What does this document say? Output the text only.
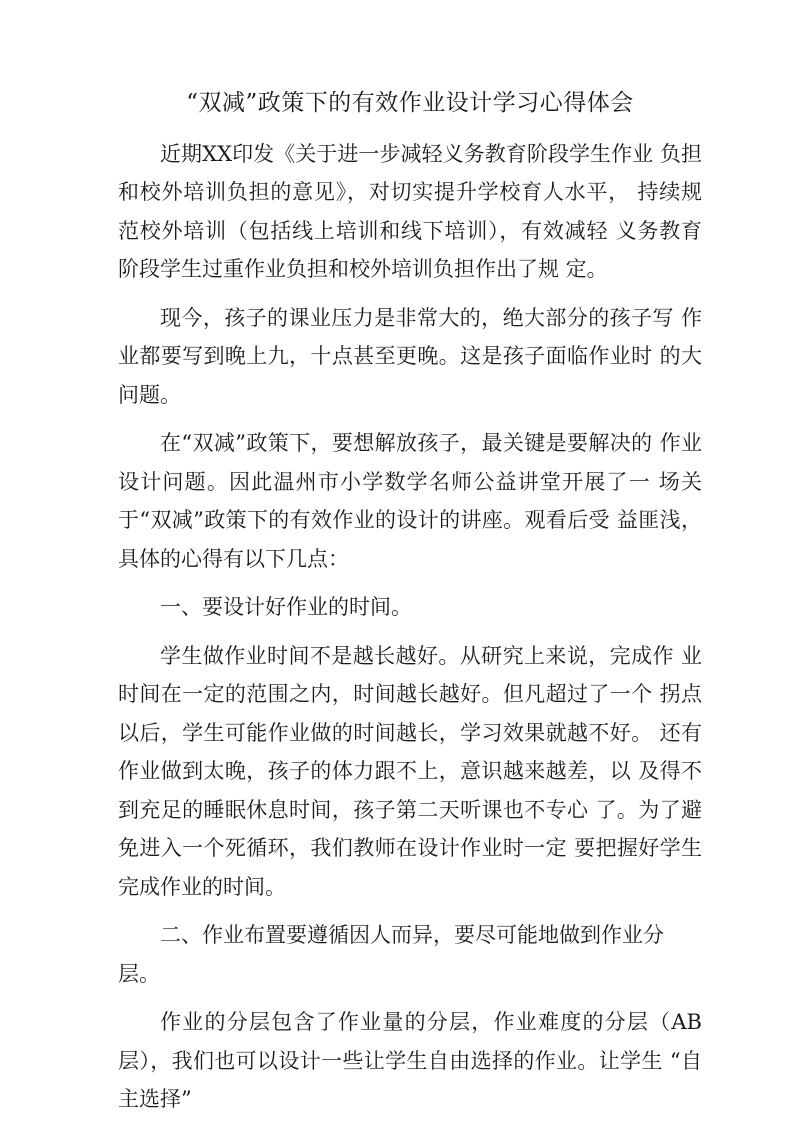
“双减”政策下的有效作业设计学习心得体会

近期XX印发《关于进一步减轻义务教育阶段学生作业 负担和校外培训负担的意见》，对切实提升学校育人水平， 持续规范校外培训（包括线上培训和线下培训），有效减轻 义务教育阶段学生过重作业负担和校外培训负担作出了规 定。

现今，孩子的课业压力是非常大的，绝大部分的孩子写 作业都要写到晚上九，十点甚至更晚。这是孩子面临作业时 的大问题。

在“双减”政策下，要想解放孩子，最关键是要解决的 作业设计问题。因此温州市小学数学名师公益讲堂开展了一 场关于“双减”政策下的有效作业的设计的讲座。观看后受 益匪浅，具体的心得有以下几点：

一、要设计好作业的时间。

学生做作业时间不是越长越好。从研究上来说，完成作 业时间在一定的范围之内，时间越长越好。但凡超过了一个 拐点以后，学生可能作业做的时间越长，学习效果就越不好。 还有作业做到太晚，孩子的体力跟不上，意识越来越差，以 及得不到充足的睡眠休息时间，孩子第二天听课也不专心 了。为了避免进入一个死循环，我们教师在设计作业时一定 要把握好学生完成作业的时间。

二、作业布置要遵循因人而异，要尽可能地做到作业分层。

作业的分层包含了作业量的分层，作业难度的分层（AB 层），我们也可以设计一些让学生自由选择的作业。让学生 “自主选择”
